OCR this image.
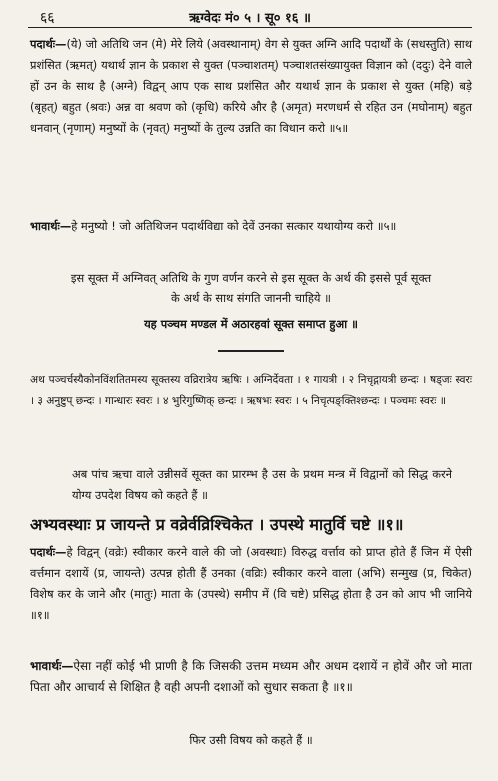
६६	ऋग्वेदः मं० ५ । सू० १६ ॥
पदार्थः—(ये) जो अतिथि जन (मे) मेरे लिये (अवस्थानाम्) वेग से युक्त अग्नि आदि पदार्थों के (सधस्तुति) साथ प्रशंसित (ऋमत्) यथार्थ ज्ञान के प्रकाश से युक्त (पञ्चाशतम्) पञ्चाशतसंख्यायुक्त विज्ञान को (ददुः) देने वाले हों उन के साथ है (अग्ने) विद्वन् आप एक साथ प्रशंसित और यथार्थ ज्ञान के प्रकाश से युक्त (महि) बड़े (बृहत्) बहुत (श्रवः) अन्न वा श्रवण को (कृधि) करिये और है (अमृत) मरणधर्म से रहित उन (मघोनाम्) बहुत धनवान् (नृणाम्) मनुष्यों के (नृवत्) मनुष्यों के तुल्य उन्नति का विधान करो ॥५॥
भावार्थः—हे मनुष्यो ! जो अतिथिजन पदार्थविद्या को देवें उनका सत्कार यथायोग्य करो ॥५॥
इस सूक्त में अग्निवत् अतिथि के गुण वर्णन करने से इस सूक्त के अर्थ की इससे पूर्व सूक्त के अर्थ के साथ संगति जाननी चाहिये ॥
यह पञ्चम मण्डल में अठारहवां सूक्त समाप्त हुआ ॥
अथ पञ्चर्चस्यैकोनविंशतितमस्य सूक्तस्य वव्रिरात्रेय ऋषिः । अग्निर्देवता । १ गायत्री । २ निचृद्गायत्री छन्दः । षड्जः स्वरः । ३ अनुष्टुप् छन्दः । गान्धारः स्वरः । ४ भुरिगुष्णिक् छन्दः । ऋषभः स्वरः । ५ निचृत्पङ्क्तिश्छन्दः । पञ्चमः स्वरः ॥
अब पांच ऋचा वाले उन्नीसवें सूक्त का प्रारम्भ है उस के प्रथम मन्त्र में विद्वानों को सिद्ध करने योग्य उपदेश विषय को कहते हैं ॥
अभ्यवस्थाः प्र जायन्ते प्र वव्रेर्वव्रिश्चिकेत । उपस्थे मातुर्वि चष्टे ॥१॥
पदार्थः—हे विद्वन् (वव्रेः) स्वीकार करने वाले की जो (अवस्थाः) विरुद्ध वर्त्ताव को प्राप्त होते हैं जिन में ऐसी वर्त्तमान दशायें (प्र, जायन्ते) उत्पन्न होती हैं उनका (वव्रिः) स्वीकार करने वाला (अभि) सन्मुख (प्र, चिकेत) विशेष कर के जाने और (मातुः) माता के (उपस्थे) समीप में (वि चष्टे) प्रसिद्ध होता है उन को आप भी जानिये ॥१॥
भावार्थः—ऐसा नहीं कोई भी प्राणी है कि जिसकी उत्तम मध्यम और अधम दशायें न होवें और जो माता पिता और आचार्य से शिक्षित है वही अपनी दशाओं को सुधार सकता है ॥१॥
फिर उसी विषय को कहते हैं ॥
